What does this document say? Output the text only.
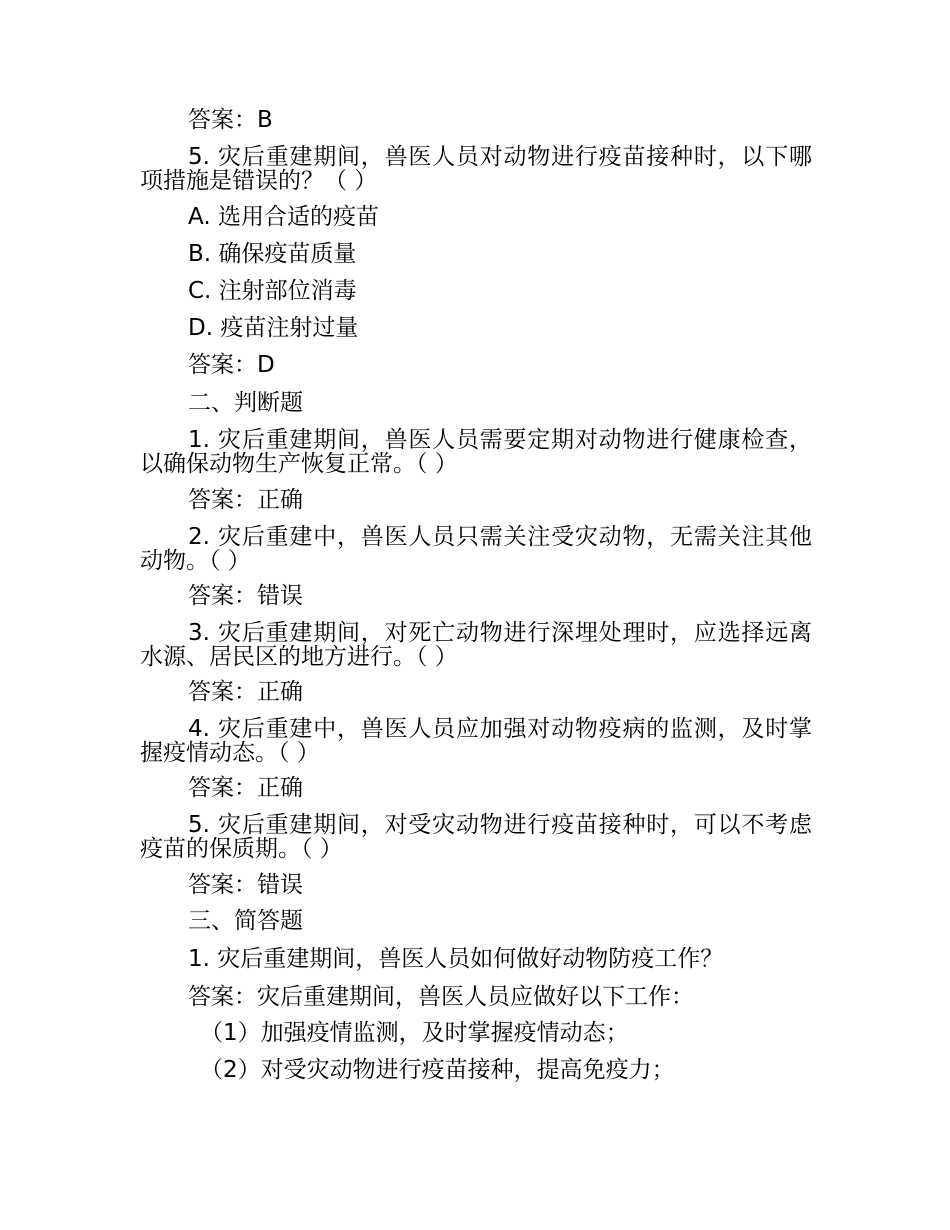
答案：B
5. 灾后重建期间，兽医人员对动物进行疫苗接种时，以下哪项措施是错误的？（ ）
A. 选用合适的疫苗
B. 确保疫苗质量
C. 注射部位消毒
D. 疫苗注射过量
答案：D
二、判断题
1. 灾后重建期间，兽医人员需要定期对动物进行健康检查，以确保动物生产恢复正常。（ ）
答案：正确
2. 灾后重建中，兽医人员只需关注受灾动物，无需关注其他动物。（ ）
答案：错误
3. 灾后重建期间，对死亡动物进行深埋处理时，应选择远离水源、居民区的地方进行。（ ）
答案：正确
4. 灾后重建中，兽医人员应加强对动物疫病的监测，及时掌握疫情动态。（ ）
答案：正确
5. 灾后重建期间，对受灾动物进行疫苗接种时，可以不考虑疫苗的保质期。（ ）
答案：错误
三、简答题
1. 灾后重建期间，兽医人员如何做好动物防疫工作？
答案：灾后重建期间，兽医人员应做好以下工作：
（1）加强疫情监测，及时掌握疫情动态；
（2）对受灾动物进行疫苗接种，提高免疫力；
